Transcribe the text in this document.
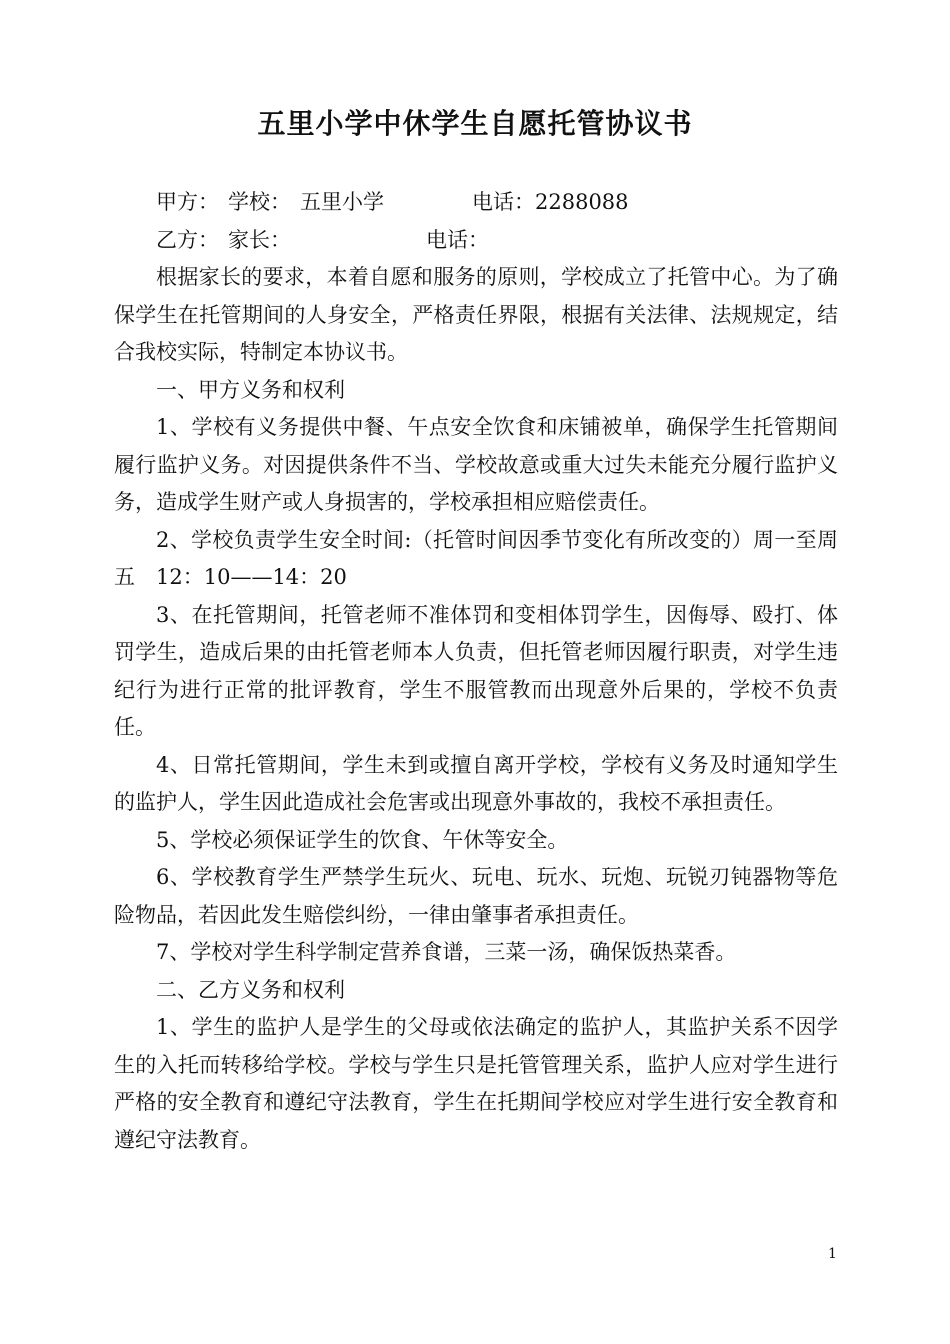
五里小学中休学生自愿托管协议书
甲方： 学校： 五里小学	电话： 2288088
乙方： 家长：	电话：

根据家长的要求，本着自愿和服务的原则，学校成立了托管中心。为了确保学生在托管期间的人身安全，严格责任界限，根据有关法律、法规规定，结合我校实际，特制定本协议书。

一、甲方义务和权利

1、学校有义务提供中餐、午点安全饮食和床铺被单，确保学生托管期间履行监护义务。对因提供条件不当、学校故意或重大过失未能充分履行监护义务，造成学生财产或人身损害的，学校承担相应赔偿责任。

2、学校负责学生安全时间:（托管时间因季节变化有所改变的）周一至周五　12：10——14：20

3、在托管期间，托管老师不准体罚和变相体罚学生，因侮辱、殴打、体罚学生，造成后果的由托管老师本人负责，但托管老师因履行职责，对学生违纪行为进行正常的批评教育，学生不服管教而出现意外后果的，学校不负责任。

4、日常托管期间，学生未到或擅自离开学校，学校有义务及时通知学生的监护人，学生因此造成社会危害或出现意外事故的，我校不承担责任。

5、学校必须保证学生的饮食、午休等安全。

6、学校教育学生严禁学生玩火、玩电、玩水、玩炮、玩锐刃钝器物等危险物品，若因此发生赔偿纠纷，一律由肇事者承担责任。

7、学校对学生科学制定营养食谱，三菜一汤，确保饭热菜香。

二、乙方义务和权利

1、学生的监护人是学生的父母或依法确定的监护人，其监护关系不因学生的入托而转移给学校。学校与学生只是托管管理关系，监护人应对学生进行严格的安全教育和遵纪守法教育，学生在托期间学校应对学生进行安全教育和遵纪守法教育。

1
